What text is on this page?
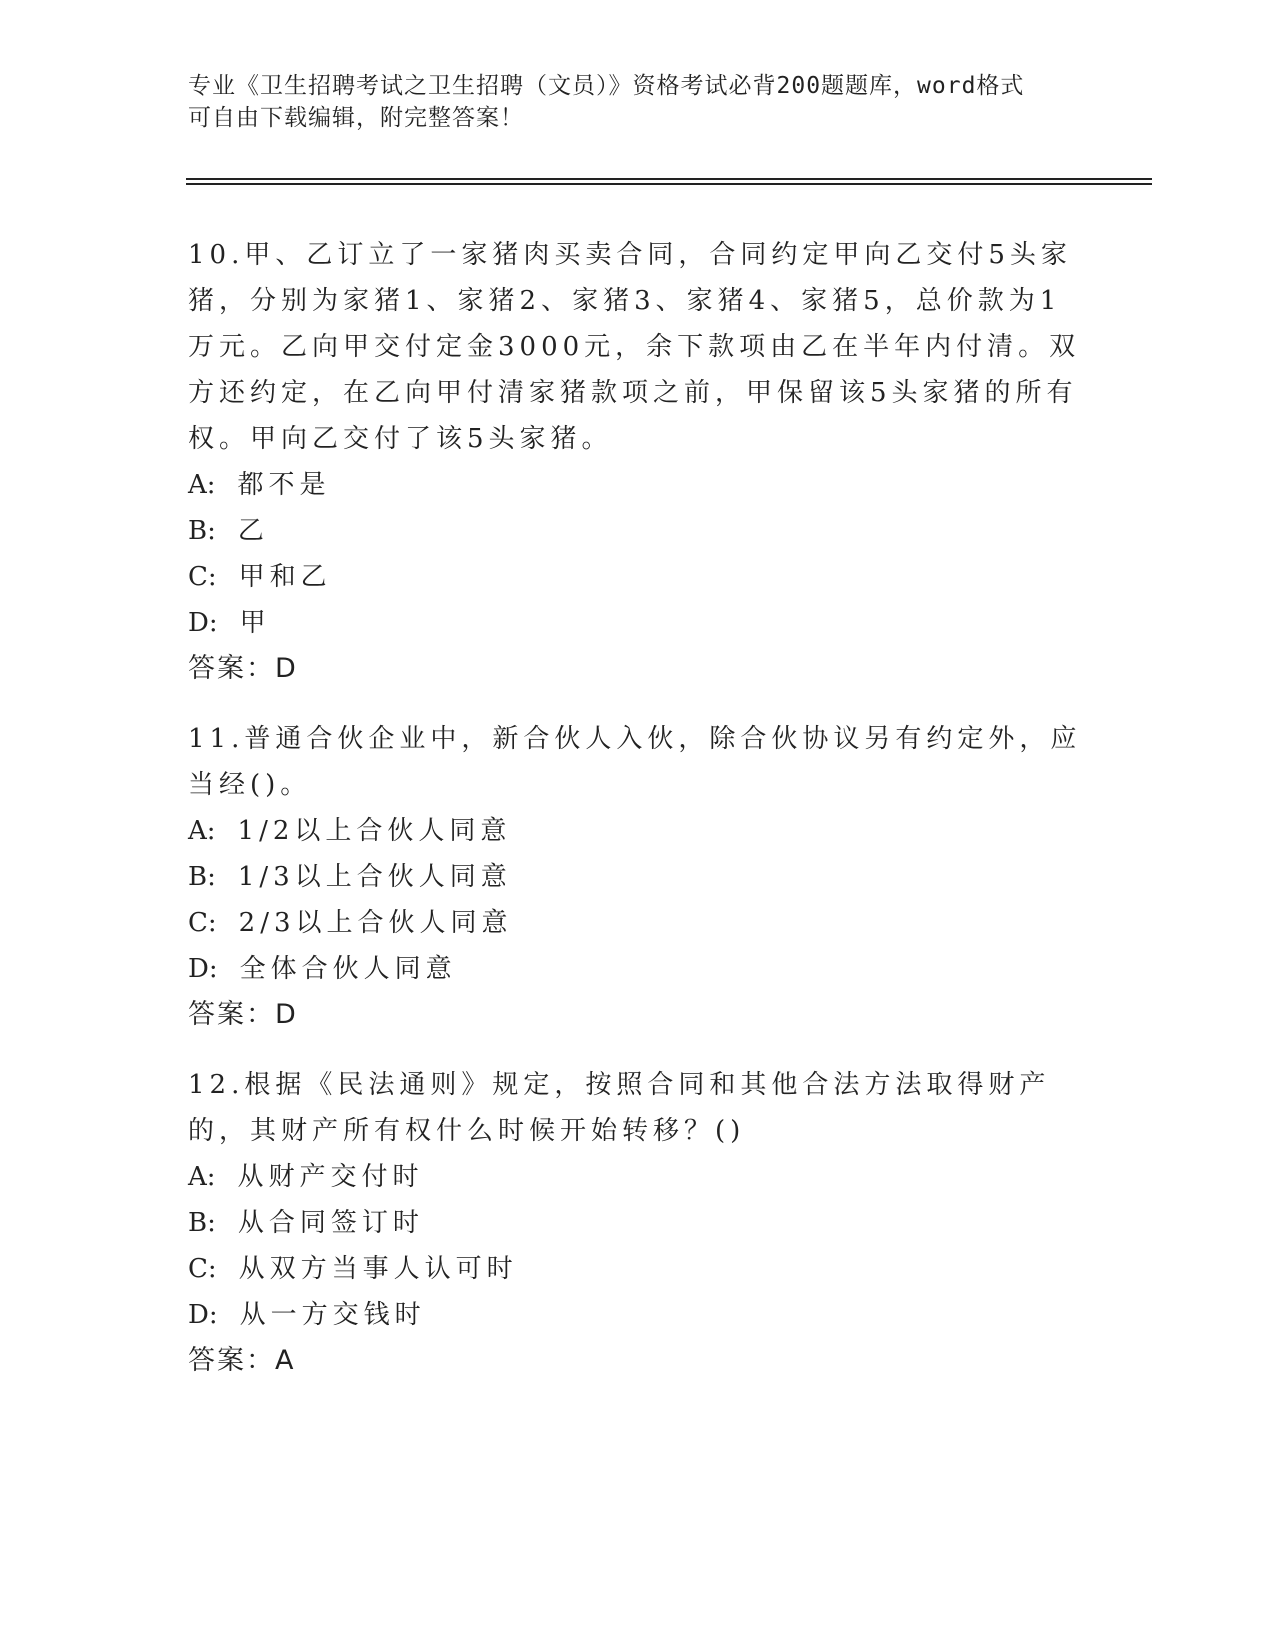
专业《卫生招聘考试之卫生招聘（文员）》资格考试必背200题题库，word格式

可自由下载编辑，附完整答案！

10.甲、乙订立了一家猪肉买卖合同，合同约定甲向乙交付5头家猪，分别为家猪1、家猪2、家猪3、家猪4、家猪5，总价款为1万元。乙向甲交付定金3000元，余下款项由乙在半年内付清。双方还约定，在乙向甲付清家猪款项之前，甲保留该5头家猪的所有权。甲向乙交付了该5头家猪。

A: 都不是

B: 乙

C: 甲和乙

D: 甲

答案：D

11.普通合伙企业中，新合伙人入伙，除合伙协议另有约定外，应当经()。

A: 1/2以上合伙人同意

B: 1/3以上合伙人同意

C: 2/3以上合伙人同意

D: 全体合伙人同意

答案：D

12.根据《民法通则》规定，按照合同和其他合法方法取得财产的，其财产所有权什么时候开始转移？()

A: 从财产交付时

B: 从合同签订时

C: 从双方当事人认可时

D: 从一方交钱时

答案：A
